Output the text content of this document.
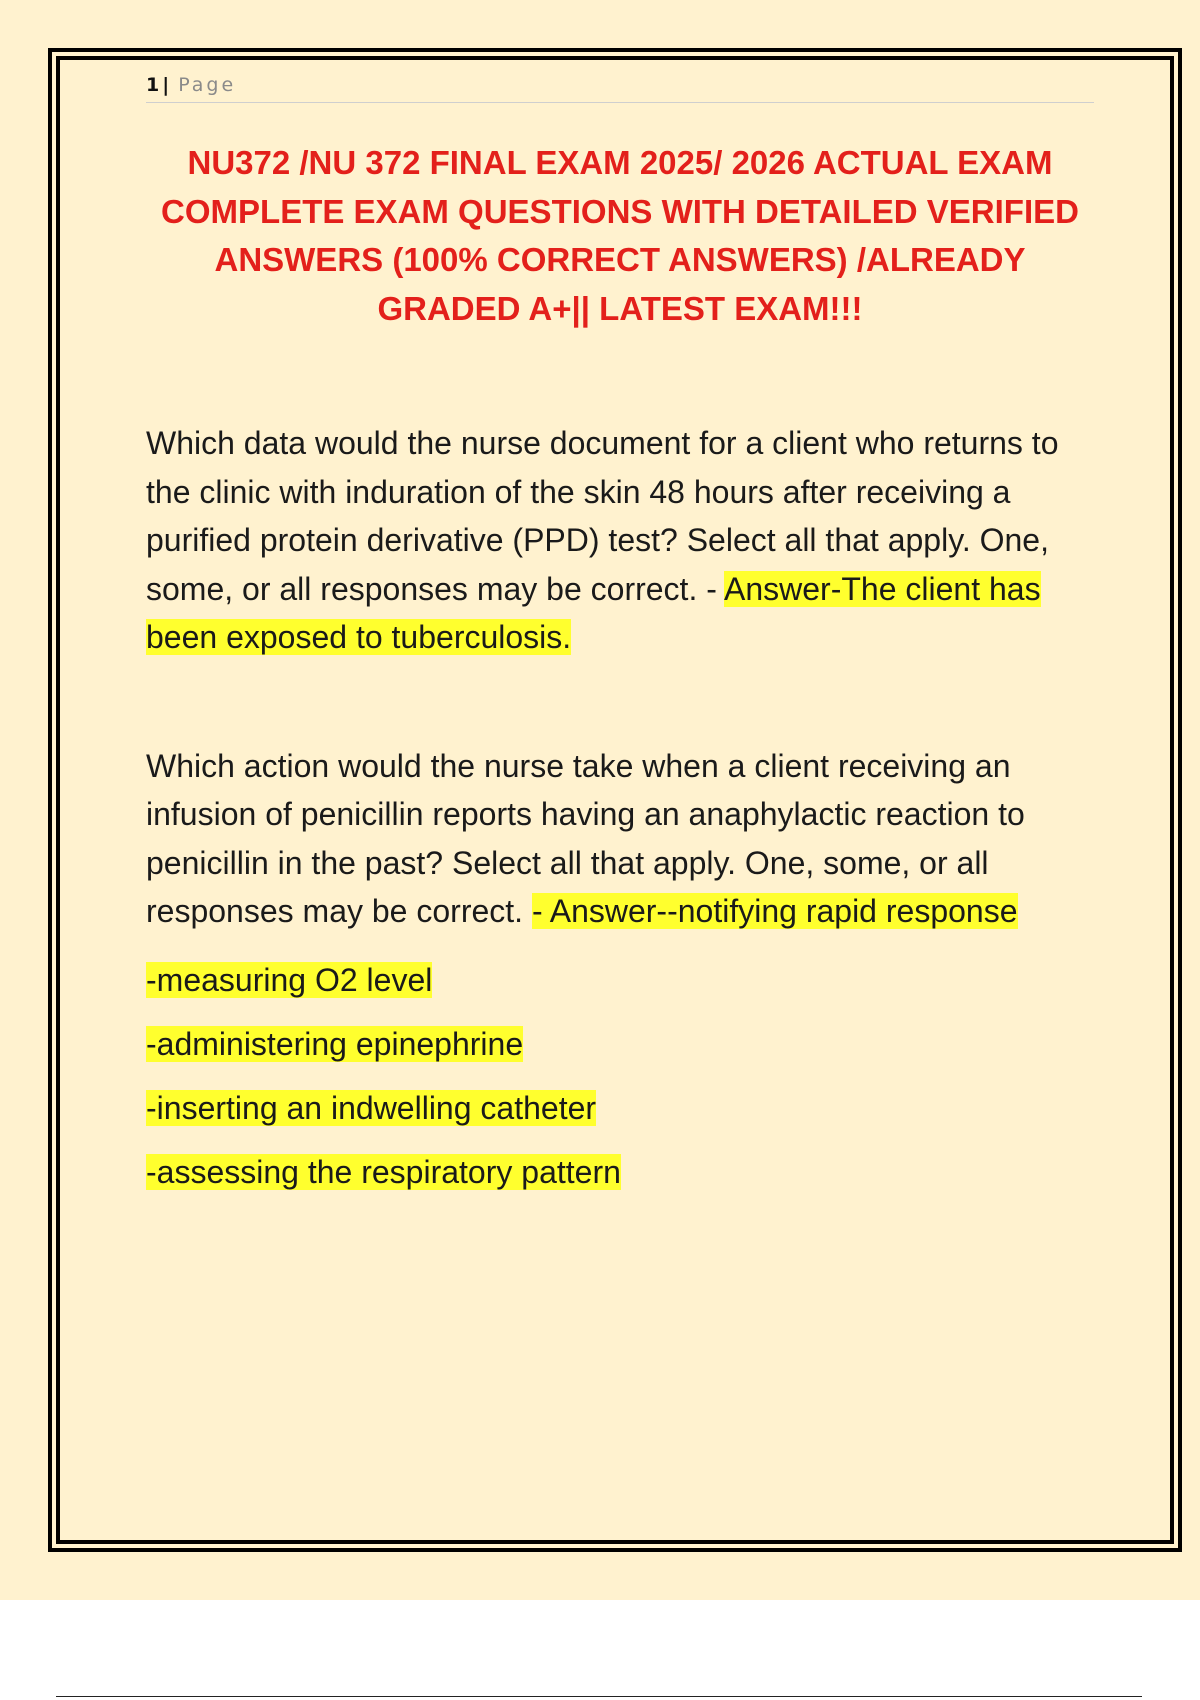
1 | Page
NU372 /NU 372 FINAL EXAM 2025/ 2026 ACTUAL EXAM COMPLETE EXAM QUESTIONS WITH DETAILED VERIFIED ANSWERS (100% CORRECT ANSWERS) /ALREADY GRADED A+|| LATEST EXAM!!!

Which data would the nurse document for a client who returns to the clinic with induration of the skin 48 hours after receiving a purified protein derivative (PPD) test? Select all that apply. One, some, or all responses may be correct. - Answer-The client has been exposed to tuberculosis.

Which action would the nurse take when a client receiving an infusion of penicillin reports having an anaphylactic reaction to penicillin in the past? Select all that apply. One, some, or all responses may be correct. - Answer--notifying rapid response

-measuring O2 level
-administering epinephrine
-inserting an indwelling catheter
-assessing the respiratory pattern
